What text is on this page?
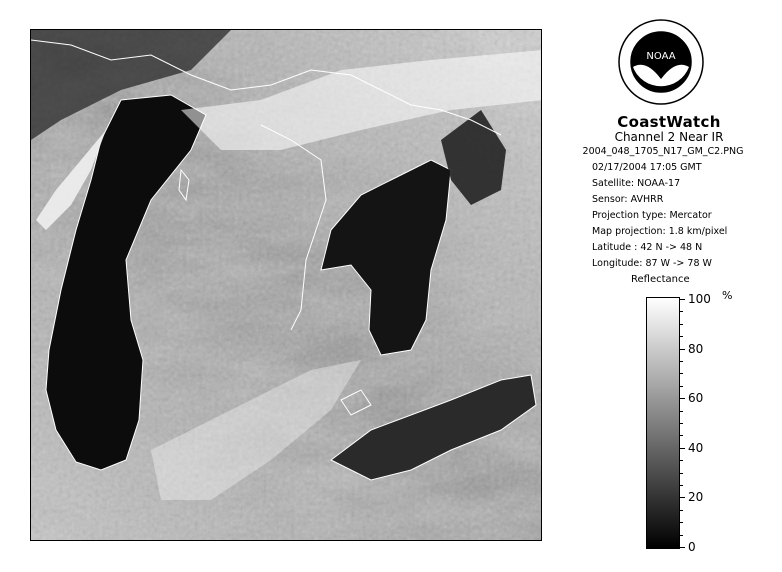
NOAA
CoastWatch
Channel 2 Near IR
2004_048_1705_N17_GM_C2.PNG
02/17/2004 17:05 GMT
Satellite: NOAA-17
Sensor: AVHRR
Projection type: Mercator
Map projection: 1.8 km/pixel
Latitude : 42 N -> 48 N
Longitude: 87 W -> 78 W
Reflectance
%
100
80
60
40
20
0
